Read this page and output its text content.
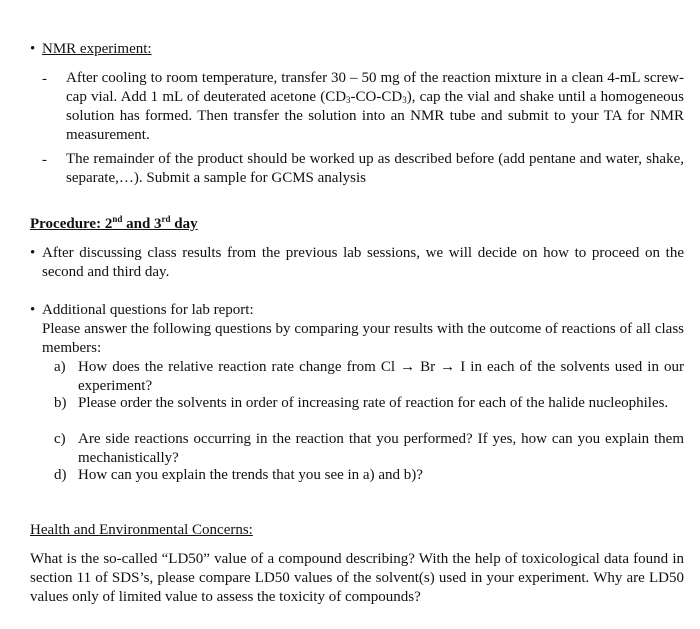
• NMR experiment:
- After cooling to room temperature, transfer 30 – 50 mg of the reaction mixture in a clean 4-mL screw-cap vial. Add 1 mL of deuterated acetone $(CD_3-CO-CD_3)$, cap the vial and shake until a homogeneous solution has formed. Then transfer the solution into an NMR tube and submit to your TA for NMR measurement.
- The remainder of the product should be worked up as described before (add pentane and water, shake, separate,…). Submit a sample for GCMS analysis
Procedure: 2nd and 3rd day
• After discussing class results from the previous lab sessions, we will decide on how to proceed on the second and third day.
• Additional questions for lab report:
Please answer the following questions by comparing your results with the outcome of reactions of all class members:
a) How does the relative reaction rate change from Cl → Br → I in each of the solvents used in our experiment?
b) Please order the solvents in order of increasing rate of reaction for each of the halide nucleophiles.
c) Are side reactions occurring in the reaction that you performed? If yes, how can you explain them mechanistically?
d) How can you explain the trends that you see in a) and b)?
Health and Environmental Concerns:
What is the so-called “LD50” value of a compound describing? With the help of toxicological data found in section 11 of SDS’s, please compare LD50 values of the solvent(s) used in your experiment. Why are LD50 values only of limited value to assess the toxicity of compounds?
